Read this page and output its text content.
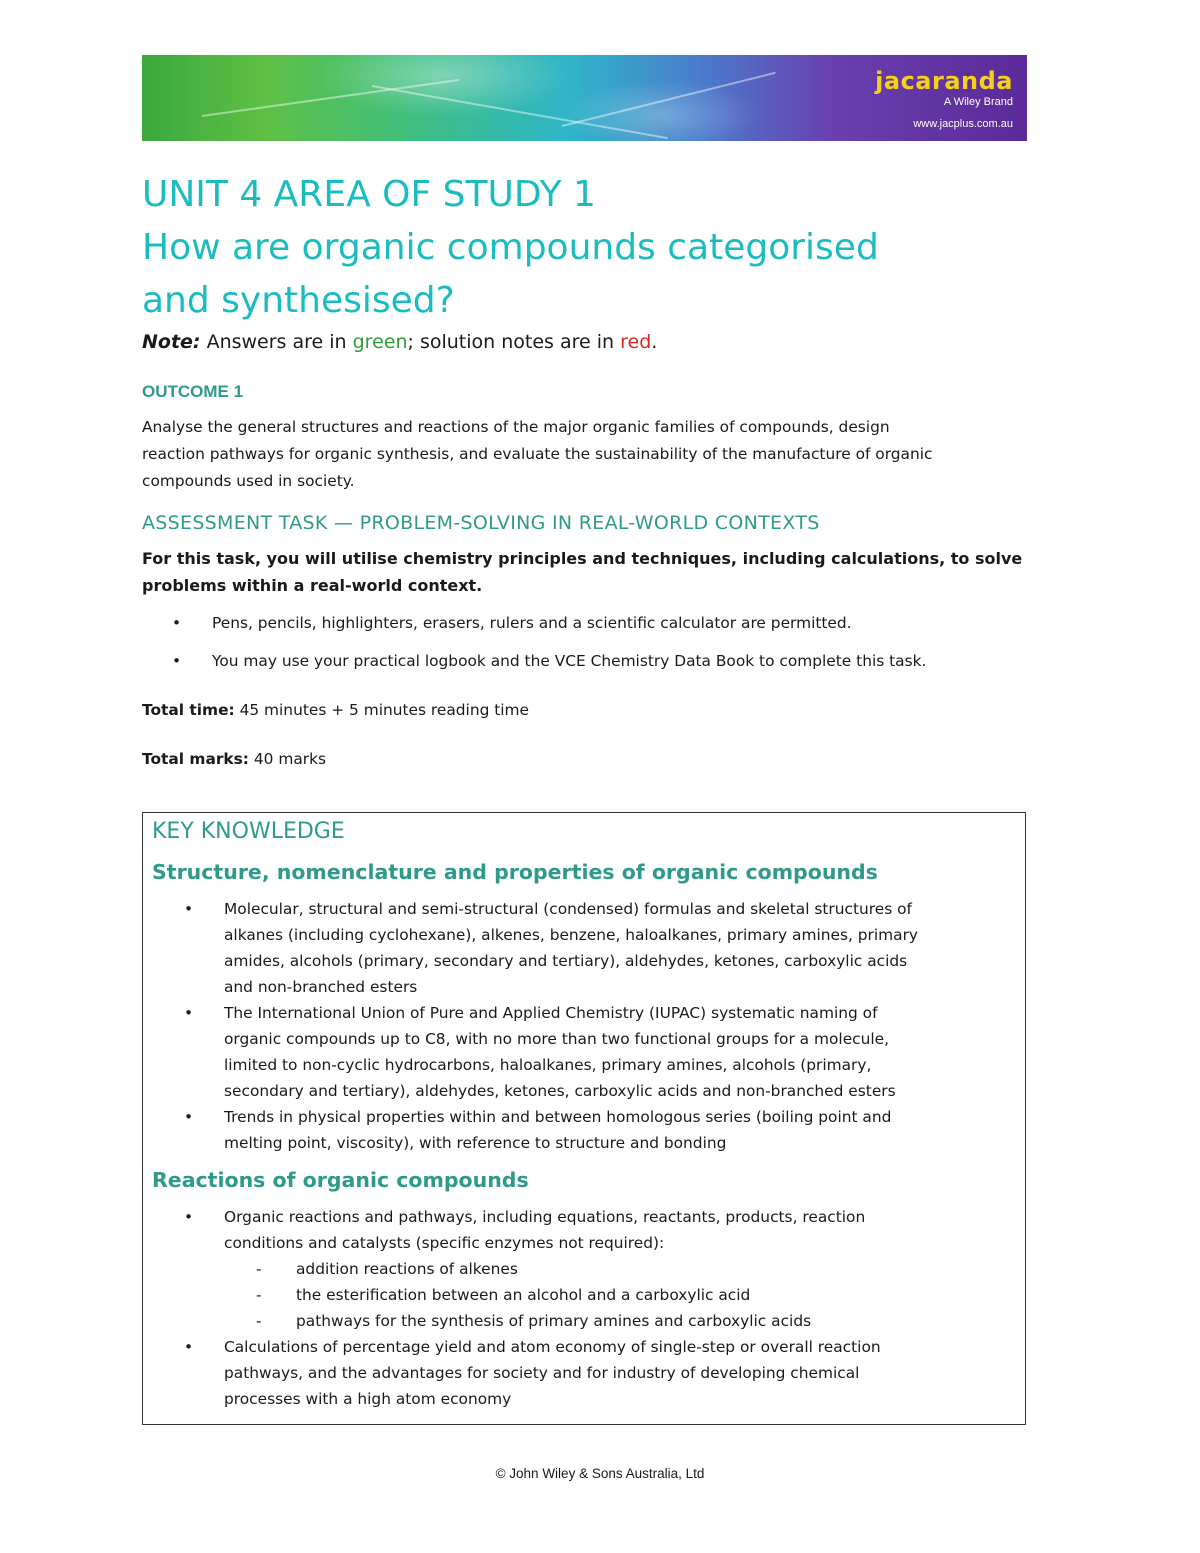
jacaranda
A Wiley Brand
www.jacplus.com.au
UNIT 4 AREA OF STUDY 1
How are organic compounds categorised
and synthesised?
Note: Answers are in green; solution notes are in red.
OUTCOME 1
Analyse the general structures and reactions of the major organic families of compounds, design
reaction pathways for organic synthesis, and evaluate the sustainability of the manufacture of organic
compounds used in society.
ASSESSMENT TASK — PROBLEM-SOLVING IN REAL-WORLD CONTEXTS
For this task, you will utilise chemistry principles and techniques, including calculations, to solve
problems within a real-world context.
• Pens, pencils, highlighters, erasers, rulers and a scientific calculator are permitted.
• You may use your practical logbook and the VCE Chemistry Data Book to complete this task.
Total time: 45 minutes + 5 minutes reading time
Total marks: 40 marks
KEY KNOWLEDGE
Structure, nomenclature and properties of organic compounds
• Molecular, structural and semi-structural (condensed) formulas and skeletal structures of
alkanes (including cyclohexane), alkenes, benzene, haloalkanes, primary amines, primary
amides, alcohols (primary, secondary and tertiary), aldehydes, ketones, carboxylic acids
and non-branched esters
• The International Union of Pure and Applied Chemistry (IUPAC) systematic naming of
organic compounds up to C8, with no more than two functional groups for a molecule,
limited to non-cyclic hydrocarbons, haloalkanes, primary amines, alcohols (primary,
secondary and tertiary), aldehydes, ketones, carboxylic acids and non-branched esters
• Trends in physical properties within and between homologous series (boiling point and
melting point, viscosity), with reference to structure and bonding
Reactions of organic compounds
• Organic reactions and pathways, including equations, reactants, products, reaction
conditions and catalysts (specific enzymes not required):
- addition reactions of alkenes
- the esterification between an alcohol and a carboxylic acid
- pathways for the synthesis of primary amines and carboxylic acids
• Calculations of percentage yield and atom economy of single-step or overall reaction
pathways, and the advantages for society and for industry of developing chemical
processes with a high atom economy
© John Wiley & Sons Australia, Ltd
